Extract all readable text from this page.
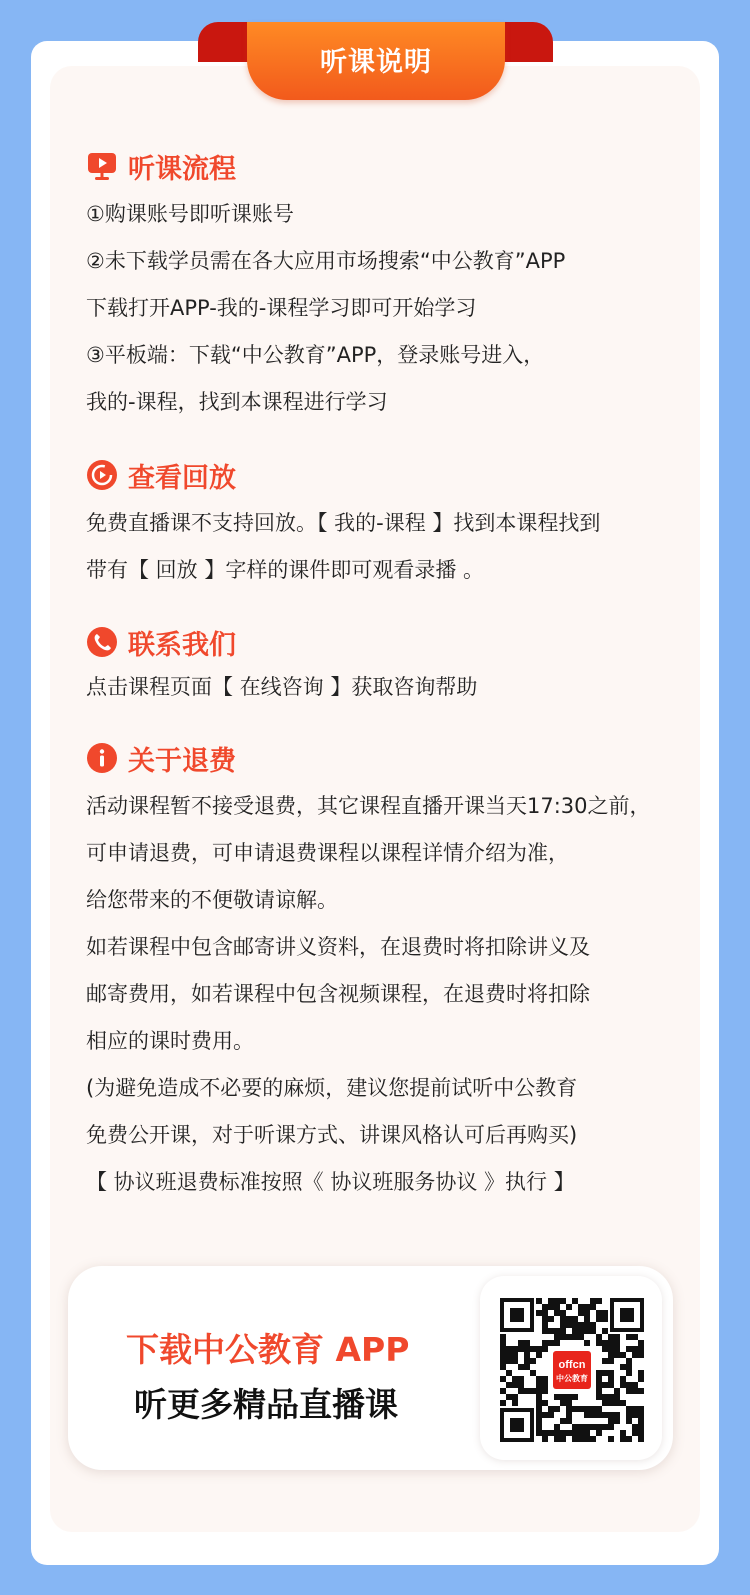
听课说明
听课流程
①购课账号即听课账号
②未下载学员需在各大应用市场搜索“中公教育”APP
下载打开APP-我的-课程学习即可开始学习
③平板端：下载“中公教育”APP，登录账号进入，
我的-课程，找到本课程进行学习
查看回放
免费直播课不支持回放。【 我的-课程 】找到本课程找到
带有【 回放 】字样的课件即可观看录播 。
联系我们
点击课程页面【 在线咨询 】获取咨询帮助
关于退费
活动课程暂不接受退费，其它课程直播开课当天17:30之前，
可申请退费，可申请退费课程以课程详情介绍为准，
给您带来的不便敬请谅解。
如若课程中包含邮寄讲义资料，在退费时将扣除讲义及
邮寄费用，如若课程中包含视频课程，在退费时将扣除
相应的课时费用。
(为避免造成不必要的麻烦，建议您提前试听中公教育
免费公开课，对于听课方式、讲课风格认可后再购买)
【 协议班退费标准按照《 协议班服务协议 》执行 】
下载中公教育 APP
听更多精品直播课
offcn
中公教育
